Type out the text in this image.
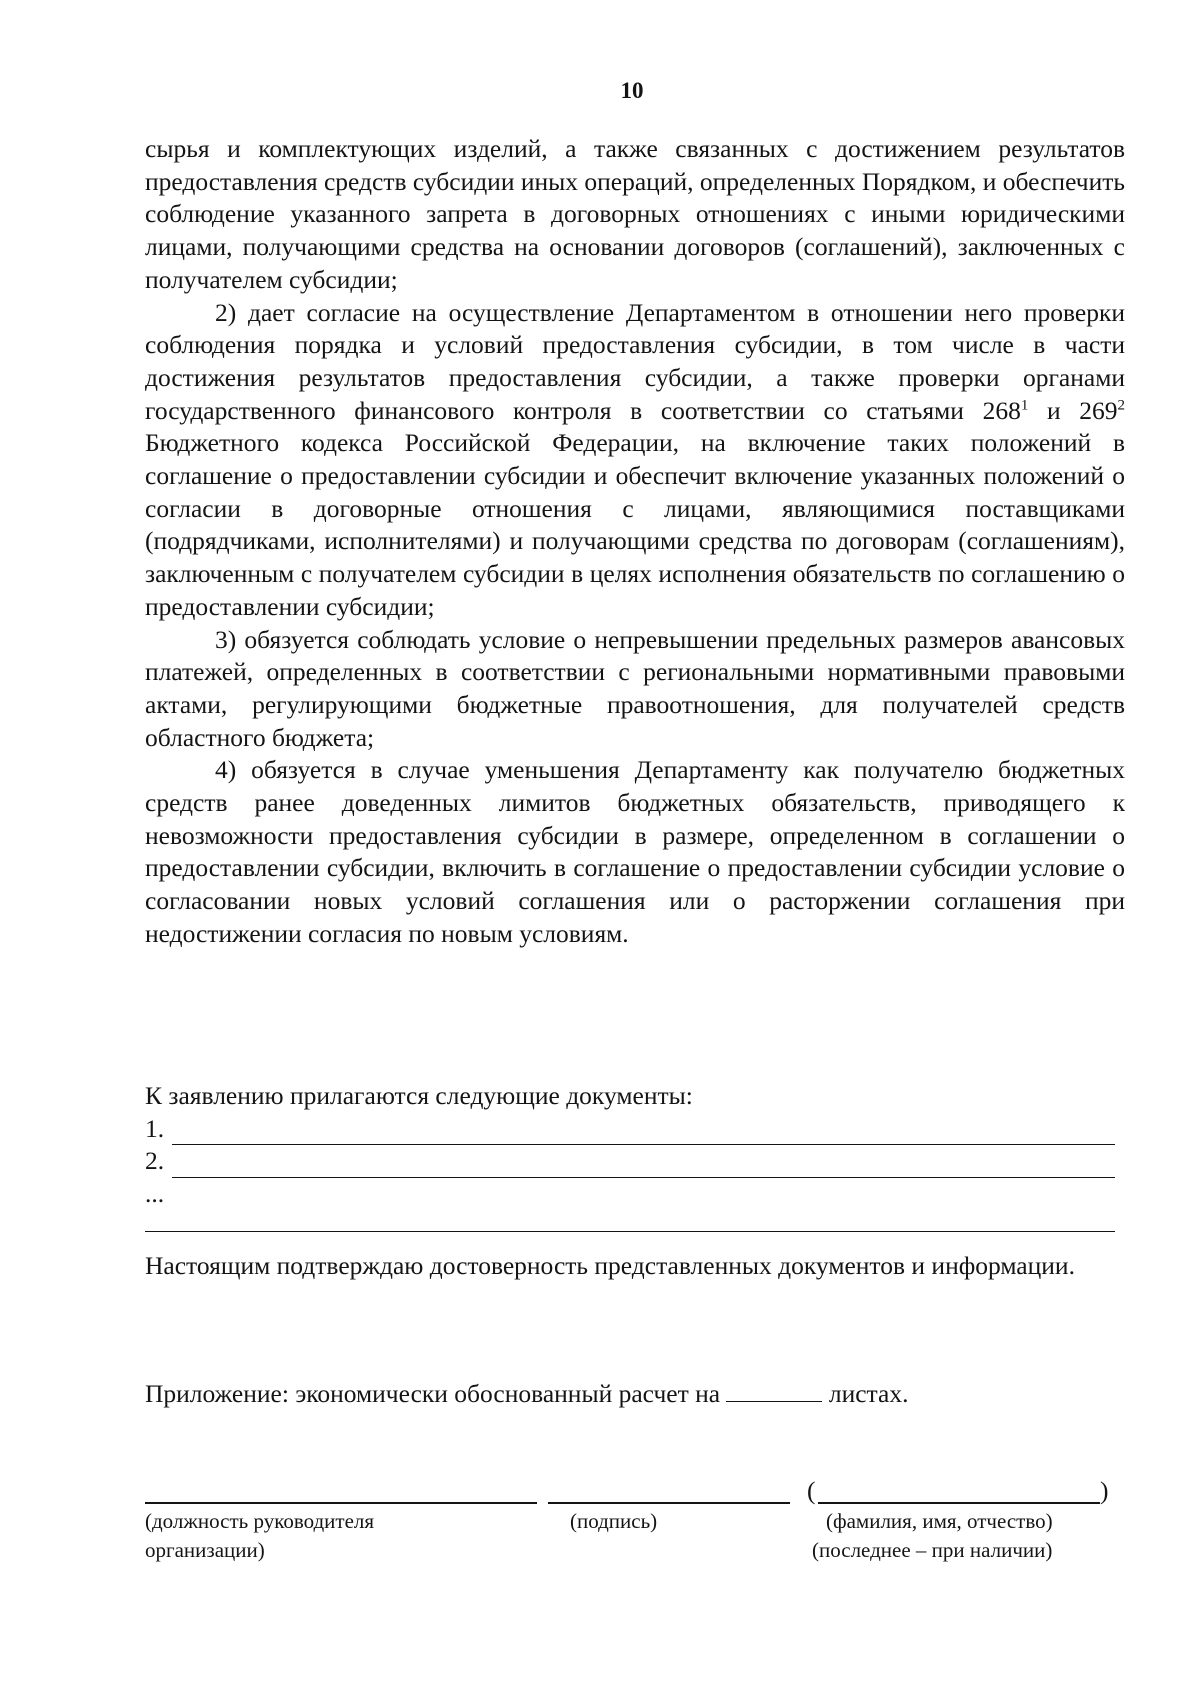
10

сырья и комплектующих изделий, а также связанных с достижением результатов предоставления средств субсидии иных операций, определенных Порядком, и обеспечить соблюдение указанного запрета в договорных отношениях с иными юридическими лицами, получающими средства на основании договоров (соглашений), заключенных с получателем субсидии;

2) дает согласие на осуществление Департаментом в отношении него проверки соблюдения порядка и условий предоставления субсидии, в том числе в части достижения результатов предоставления субсидии, а также проверки органами государственного финансового контроля в соответствии со статьями $268^1$ и $269^2$ Бюджетного кодекса Российской Федерации, на включение таких положений в соглашение о предоставлении субсидии и обеспечит включение указанных положений о согласии в договорные отношения с лицами, являющимися поставщиками (подрядчиками, исполнителями) и получающими средства по договорам (соглашениям), заключенным с получателем субсидии в целях исполнения обязательств по соглашению о предоставлении субсидии;

3) обязуется соблюдать условие о непревышении предельных размеров авансовых платежей, определенных в соответствии с региональными нормативными правовыми актами, регулирующими бюджетные правоотношения, для получателей средств областного бюджета;

4) обязуется в случае уменьшения Департаменту как получателю бюджетных средств ранее доведенных лимитов бюджетных обязательств, приводящего к невозможности предоставления субсидии в размере, определенном в соглашении о предоставлении субсидии, включить в соглашение о предоставлении субсидии условие о согласовании новых условий соглашения или о расторжении соглашения при недостижении согласия по новым условиям.

К заявлению прилагаются следующие документы:
1.
2.
...

Настоящим подтверждаю достоверность представленных документов и информации.

Приложение: экономически обоснованный расчет на	листах.
(	)
(должность руководителя
организации)
(подпись)	(фамилия, имя, отчество)
(последнее – при наличии)
